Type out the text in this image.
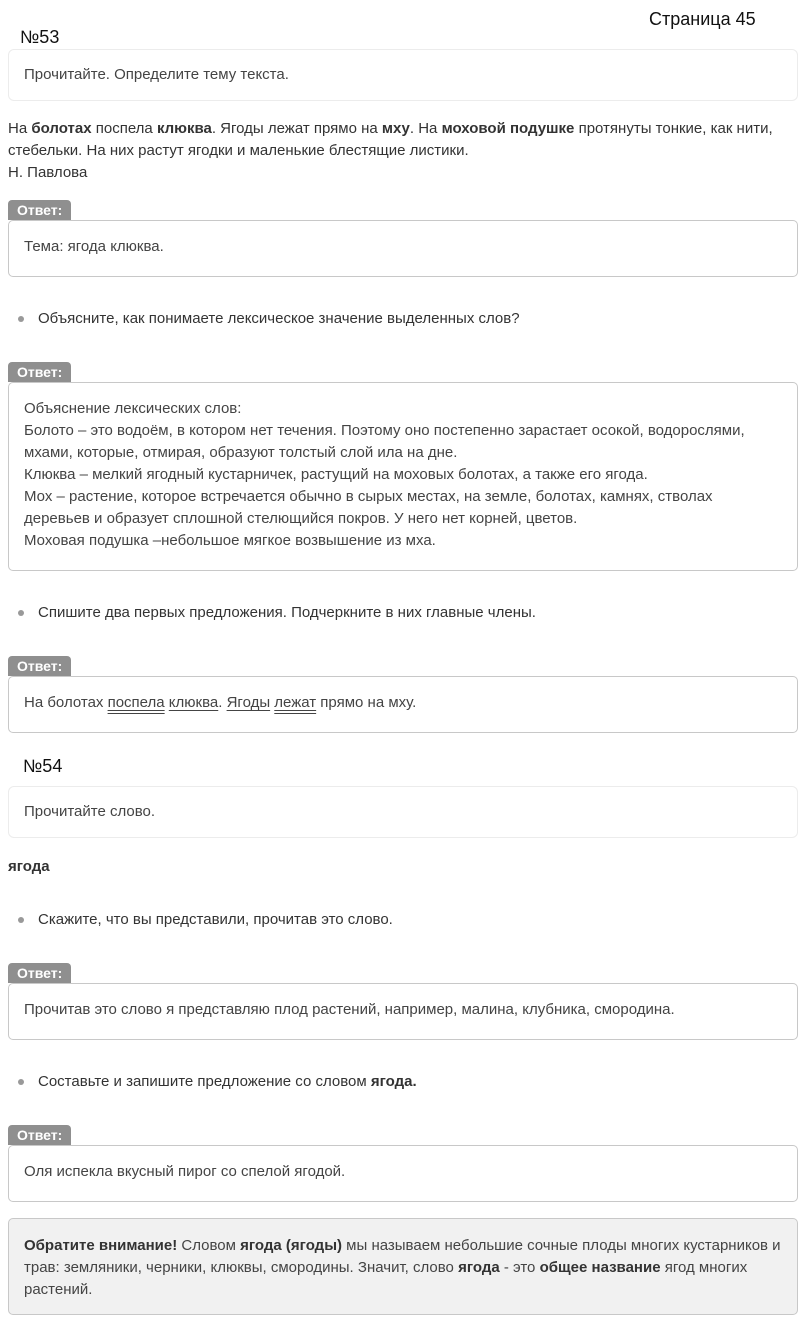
Страница 45
№53
Прочитайте. Определите тему текста.
На болотах поспела клюква. Ягоды лежат прямо на мху. На моховой подушке протянуты тонкие, как нити, стебельки. На них растут ягодки и маленькие блестящие листики.
Н. Павлова
Ответ:

Тема: ягода клюква.

Объясните, как понимаете лексическое значение выделенных слов?
Ответ:

Объяснение лексических слов:

Болото – это водоём, в котором нет течения. Поэтому оно постепенно зарастает осокой, водорослями, мхами, которые, отмирая, образуют толстый слой ила на дне.

Клюква – мелкий ягодный кустарничек, растущий на моховых болотах, а также его ягода.

Мох – растение, которое встречается обычно в сырых местах, на земле, болотах, камнях, стволах деревьев и образует сплошной стелющийся покров. У него нет корней, цветов.

Моховая подушка –небольшое мягкое возвышение из мха.

Спишите два первых предложения. Подчеркните в них главные члены.
Ответ:

На болотах поспела клюква. Ягоды лежат прямо на мху.

№54
Прочитайте слово.
ягода
Скажите, что вы представили, прочитав это слово.
Ответ:

Прочитав это слово я представляю плод растений, например, малина, клубника, смородина.

Составьте и запишите предложение со словом ягода.
Ответ:

Оля испекла вкусный пирог со спелой ягодой.

Обратите внимание! Словом ягода (ягоды) мы называем небольшие сочные плоды многих кустарников и трав: земляники, черники, клюквы, смородины. Значит, слово ягода - это общее название ягод многих растений.
